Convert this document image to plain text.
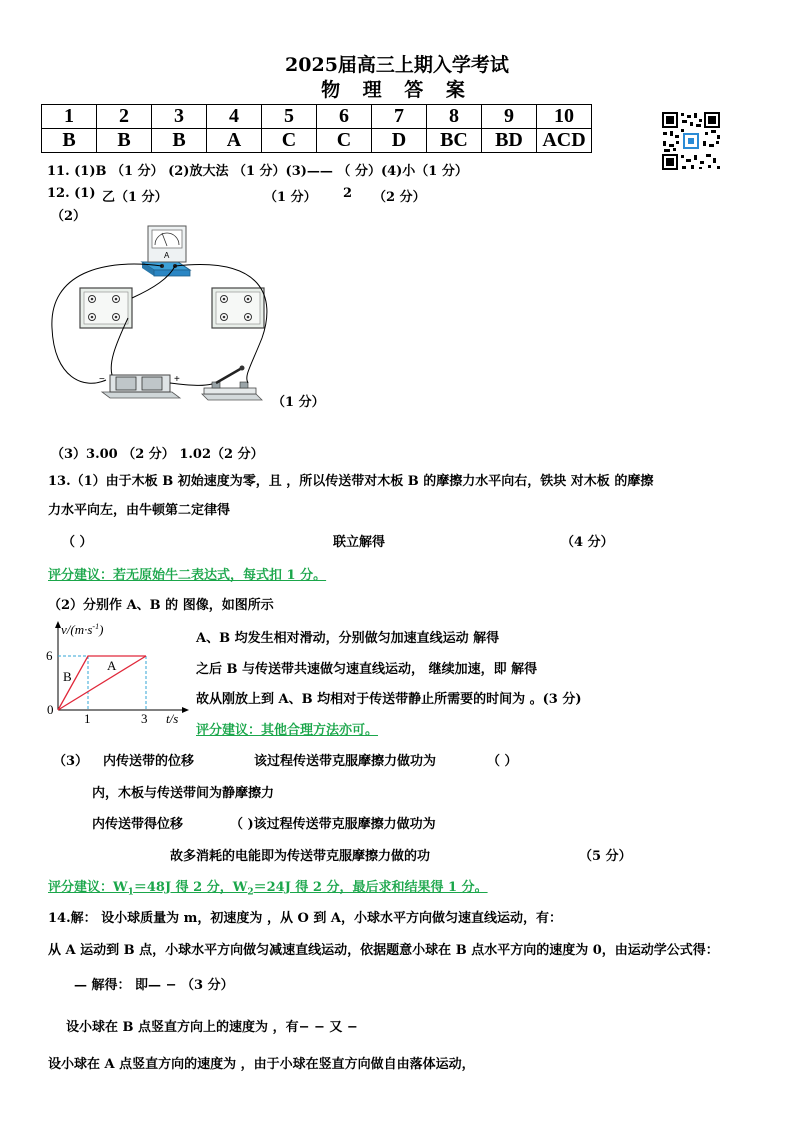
2025届高三上期入学考试
物 理 答 案
1	2	3	4	5	6	7	8	9	10
B	B	B	A	C	C	D	BC	BD	ACD
11. (1)B （1 分） (2)放大法 （1 分）(3)—— （ 分）(4)小（1 分）
12. (1) 乙（1 分）	（1 分） 2 （2 分）
（2）
A
−	+
（1 分）
（3）3.00 （2 分） 1.02（2 分）
13.（1）由于木板 B 初始速度为零，且 ，所以传送带对木板 B 的摩擦力水平向右，铁块 对木板 的摩擦
力水平向左，由牛顿第二定律得
（ ）	联立解得	（4 分）
评分建议：若无原始牛二表达式，每式扣 1 分。
（2）分别作 A、B 的 图像，如图所示
$v/(m\cdot s^{-1})$
6
0
1	3 t/s
A
B
A、B 均发生相对滑动，分别做匀加速直线运动 解得
之后 B 与传送带共速做匀速直线运动， 继续加速，即 解得
故从刚放上到 A、B 均相对于传送带静止所需要的时间为 。(3 分)
评分建议：其他合理方法亦可。
（3） 内传送带的位移	该过程传送带克服摩擦力做功为	（ ）
内，木板与传送带间为静摩擦力
内传送带得位移	（ )该过程传送带克服摩擦力做功为
故多消耗的电能即为传送带克服摩擦力做的功	（5 分）
评分建议：$W_1=48J$ 得 2 分，$W_2=24J$ 得 2 分，最后求和结果得 1 分。
14.解： 设小球质量为 m，初速度为 ，从 O 到 A，小球水平方向做匀速直线运动，有：
从 A 运动到 B 点，小球水平方向做匀减速直线运动，依据题意小球在 B 点水平方向的速度为 0，由运动学公式得：
— 解得： 即— − （3 分）
设小球在 B 点竖直方向上的速度为 ，有− − 又 −
设小球在 A 点竖直方向的速度为 ，由于小球在竖直方向做自由落体运动，
